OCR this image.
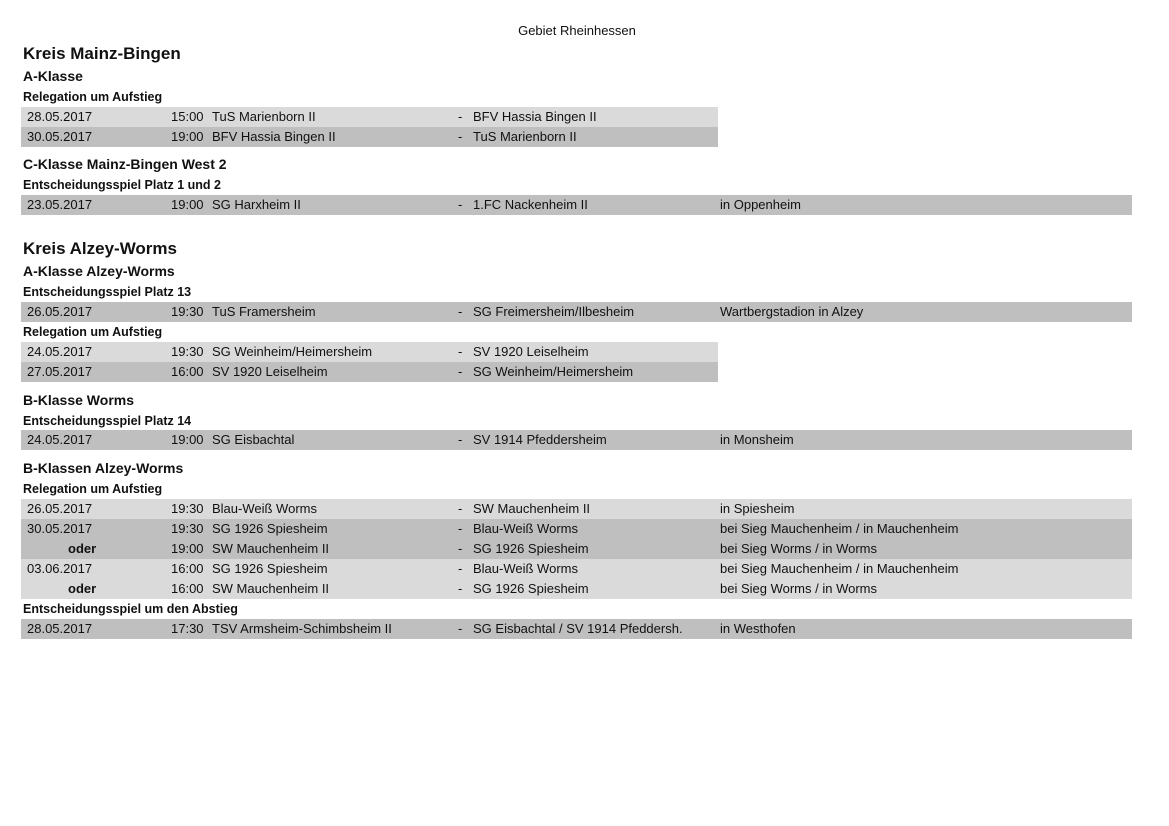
Gebiet Rheinhessen
Kreis Mainz-Bingen
A-Klasse
Relegation um Aufstieg
28.05.2017	15:00 TuS Marienborn II	- BFV Hassia Bingen II
30.05.2017	19:00 BFV Hassia Bingen II	- TuS Marienborn II
C-Klasse Mainz-Bingen West 2
Entscheidungsspiel Platz 1 und 2
23.05.2017	19:00 SG Harxheim II	- 1.FC Nackenheim II	in Oppenheim
Kreis Alzey-Worms
A-Klasse Alzey-Worms
Entscheidungsspiel Platz 13
26.05.2017	19:30 TuS Framersheim	- SG Freimersheim/Ilbesheim	Wartbergstadion in Alzey
Relegation um Aufstieg
24.05.2017	19:30 SG Weinheim/Heimersheim	- SV 1920 Leiselheim
27.05.2017	16:00 SV 1920 Leiselheim	- SG Weinheim/Heimersheim
B-Klasse Worms
Entscheidungsspiel Platz 14
24.05.2017	19:00 SG Eisbachtal	- SV 1914 Pfeddersheim	in Monsheim
B-Klassen Alzey-Worms
Relegation um Aufstieg
26.05.2017	19:30 Blau-Weiß Worms	- SW Mauchenheim II	in Spiesheim
30.05.2017	19:30 SG 1926 Spiesheim	- Blau-Weiß Worms	bei Sieg Mauchenheim / in Mauchenheim
oder	19:00 SW Mauchenheim II	- SG 1926 Spiesheim	bei Sieg Worms / in Worms
03.06.2017	16:00 SG 1926 Spiesheim	- Blau-Weiß Worms	bei Sieg Mauchenheim / in Mauchenheim
oder	16:00 SW Mauchenheim II	- SG 1926 Spiesheim	bei Sieg Worms / in Worms
Entscheidungsspiel um den Abstieg
28.05.2017	17:30 TSV Armsheim-Schimbsheim II	- SG Eisbachtal / SV 1914 Pfeddersh.	in Westhofen
